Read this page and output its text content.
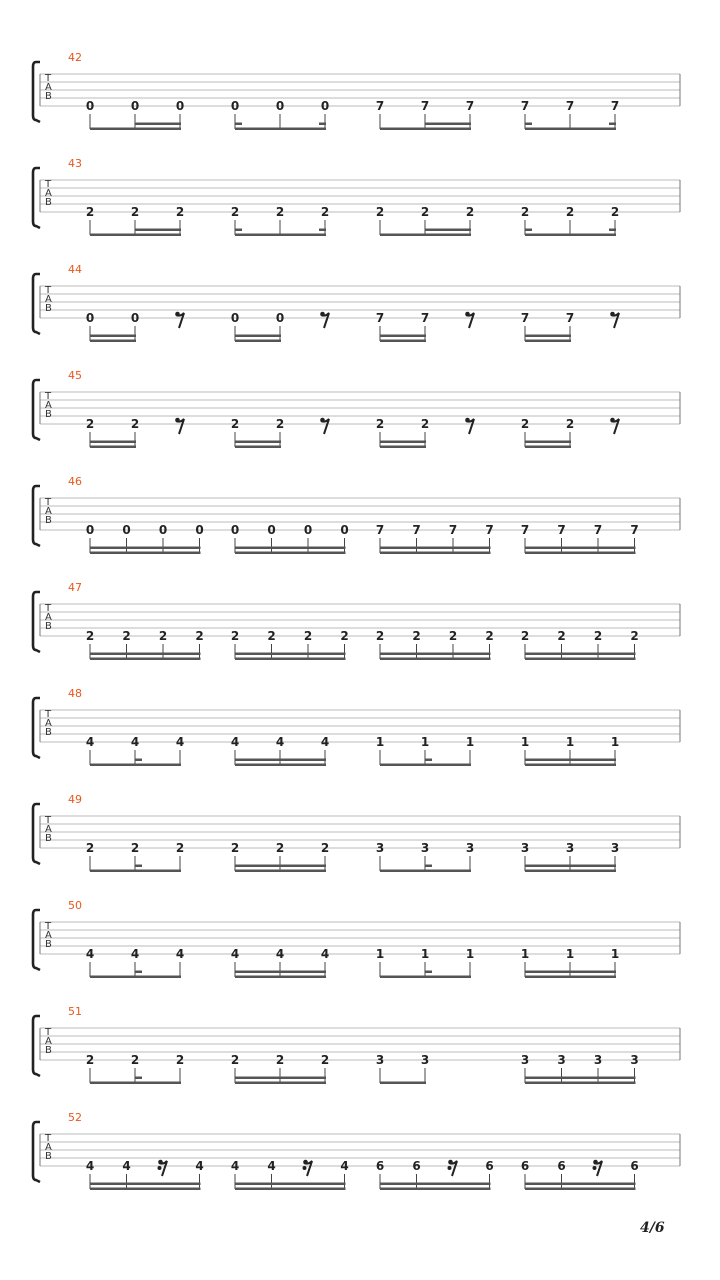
42
T
A
B
0	0	0	0	0	0	7	7	7	7	7	7
43
T
A
B
2	2	2	2	2	2	2	2	2	2	2	2
44
T
A
B
0	0	0	0	7	7	7	7
45
T
A
B
2	2	2	2	2	2	2	2
46
T
A
B
0 0 0 0 0 0 0 0 7 7 7 7 7 7 7 7
47
T
A
B
2 2 2 2 2 2 2 2 2 2 2 2 2 2 2 2
48
T
A
B
4	4	4	4	4	4	1	1	1	1	1	1
49
T
A
B
2	2	2	2	2	2	3	3	3	3	3	3
50
T
A
B
4	4	4	4	4	4	1	1	1	1	1	1
51
T
A
B
2	2	2	2	2	2	3	3	3 3 3 3
52
T
A
B
4 4	4 4 4	4 6 6	6 6 6	6
4/6
